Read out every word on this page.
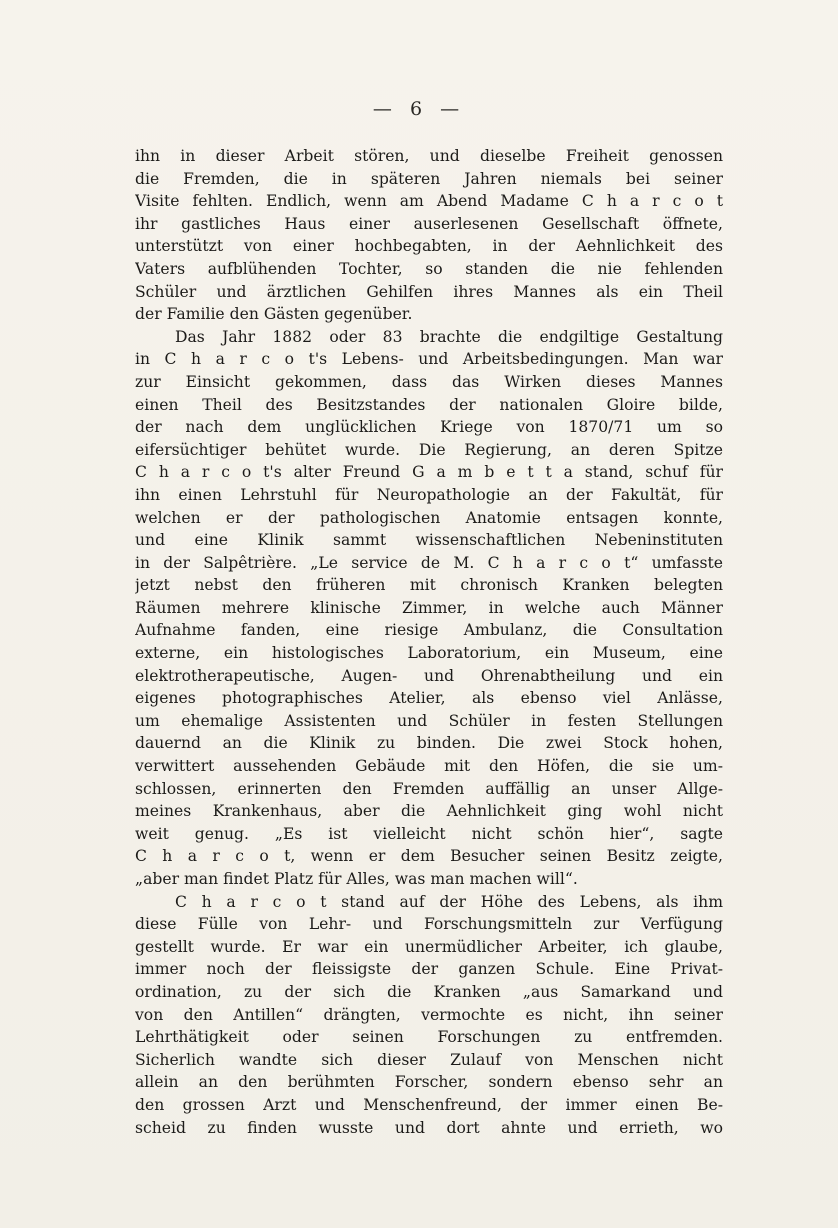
— 6 —
ihn in dieser Arbeit stören, und dieselbe Freiheit genossen
die Fremden, die in späteren Jahren niemals bei seiner
Visite fehlten. Endlich, wenn am Abend Madame C h a r c o t
ihr gastliches Haus einer auserlesenen Gesellschaft öffnete,
unterstützt von einer hochbegabten, in der Aehnlichkeit des
Vaters aufblühenden Tochter, so standen die nie fehlenden
Schüler und ärztlichen Gehilfen ihres Mannes als ein Theil
der Familie den Gästen gegenüber.
Das Jahr 1882 oder 83 brachte die endgiltige Gestaltung
in C h a r c o t's Lebens- und Arbeitsbedingungen. Man war
zur Einsicht gekommen, dass das Wirken dieses Mannes
einen Theil des Besitzstandes der nationalen Gloire bilde,
der nach dem unglücklichen Kriege von 1870/71 um so
eifersüchtiger behütet wurde. Die Regierung, an deren Spitze
C h a r c o t's alter Freund G a m b e t t a stand, schuf für
ihn einen Lehrstuhl für Neuropathologie an der Fakultät, für
welchen er der pathologischen Anatomie entsagen konnte,
und eine Klinik sammt wissenschaftlichen Nebeninstituten
in der Salpêtrière. „Le service de M. C h a r c o t“ umfasste
jetzt nebst den früheren mit chronisch Kranken belegten
Räumen mehrere klinische Zimmer, in welche auch Männer
Aufnahme fanden, eine riesige Ambulanz, die Consultation
externe, ein histologisches Laboratorium, ein Museum, eine
elektrotherapeutische, Augen- und Ohrenabtheilung und ein
eigenes photographisches Atelier, als ebenso viel Anlässe,
um ehemalige Assistenten und Schüler in festen Stellungen
dauernd an die Klinik zu binden. Die zwei Stock hohen,
verwittert aussehenden Gebäude mit den Höfen, die sie um-
schlossen, erinnerten den Fremden auffällig an unser Allge-
meines Krankenhaus, aber die Aehnlichkeit ging wohl nicht
weit genug. „Es ist vielleicht nicht schön hier“, sagte
C h a r c o t, wenn er dem Besucher seinen Besitz zeigte,
„aber man findet Platz für Alles, was man machen will“.
C h a r c o t stand auf der Höhe des Lebens, als ihm
diese Fülle von Lehr- und Forschungsmitteln zur Verfügung
gestellt wurde. Er war ein unermüdlicher Arbeiter, ich glaube,
immer noch der fleissigste der ganzen Schule. Eine Privat-
ordination, zu der sich die Kranken „aus Samarkand und
von den Antillen“ drängten, vermochte es nicht, ihn seiner
Lehrthätigkeit oder seinen Forschungen zu entfremden.
Sicherlich wandte sich dieser Zulauf von Menschen nicht
allein an den berühmten Forscher, sondern ebenso sehr an
den grossen Arzt und Menschenfreund, der immer einen Be-
scheid zu finden wusste und dort ahnte und errieth, wo
